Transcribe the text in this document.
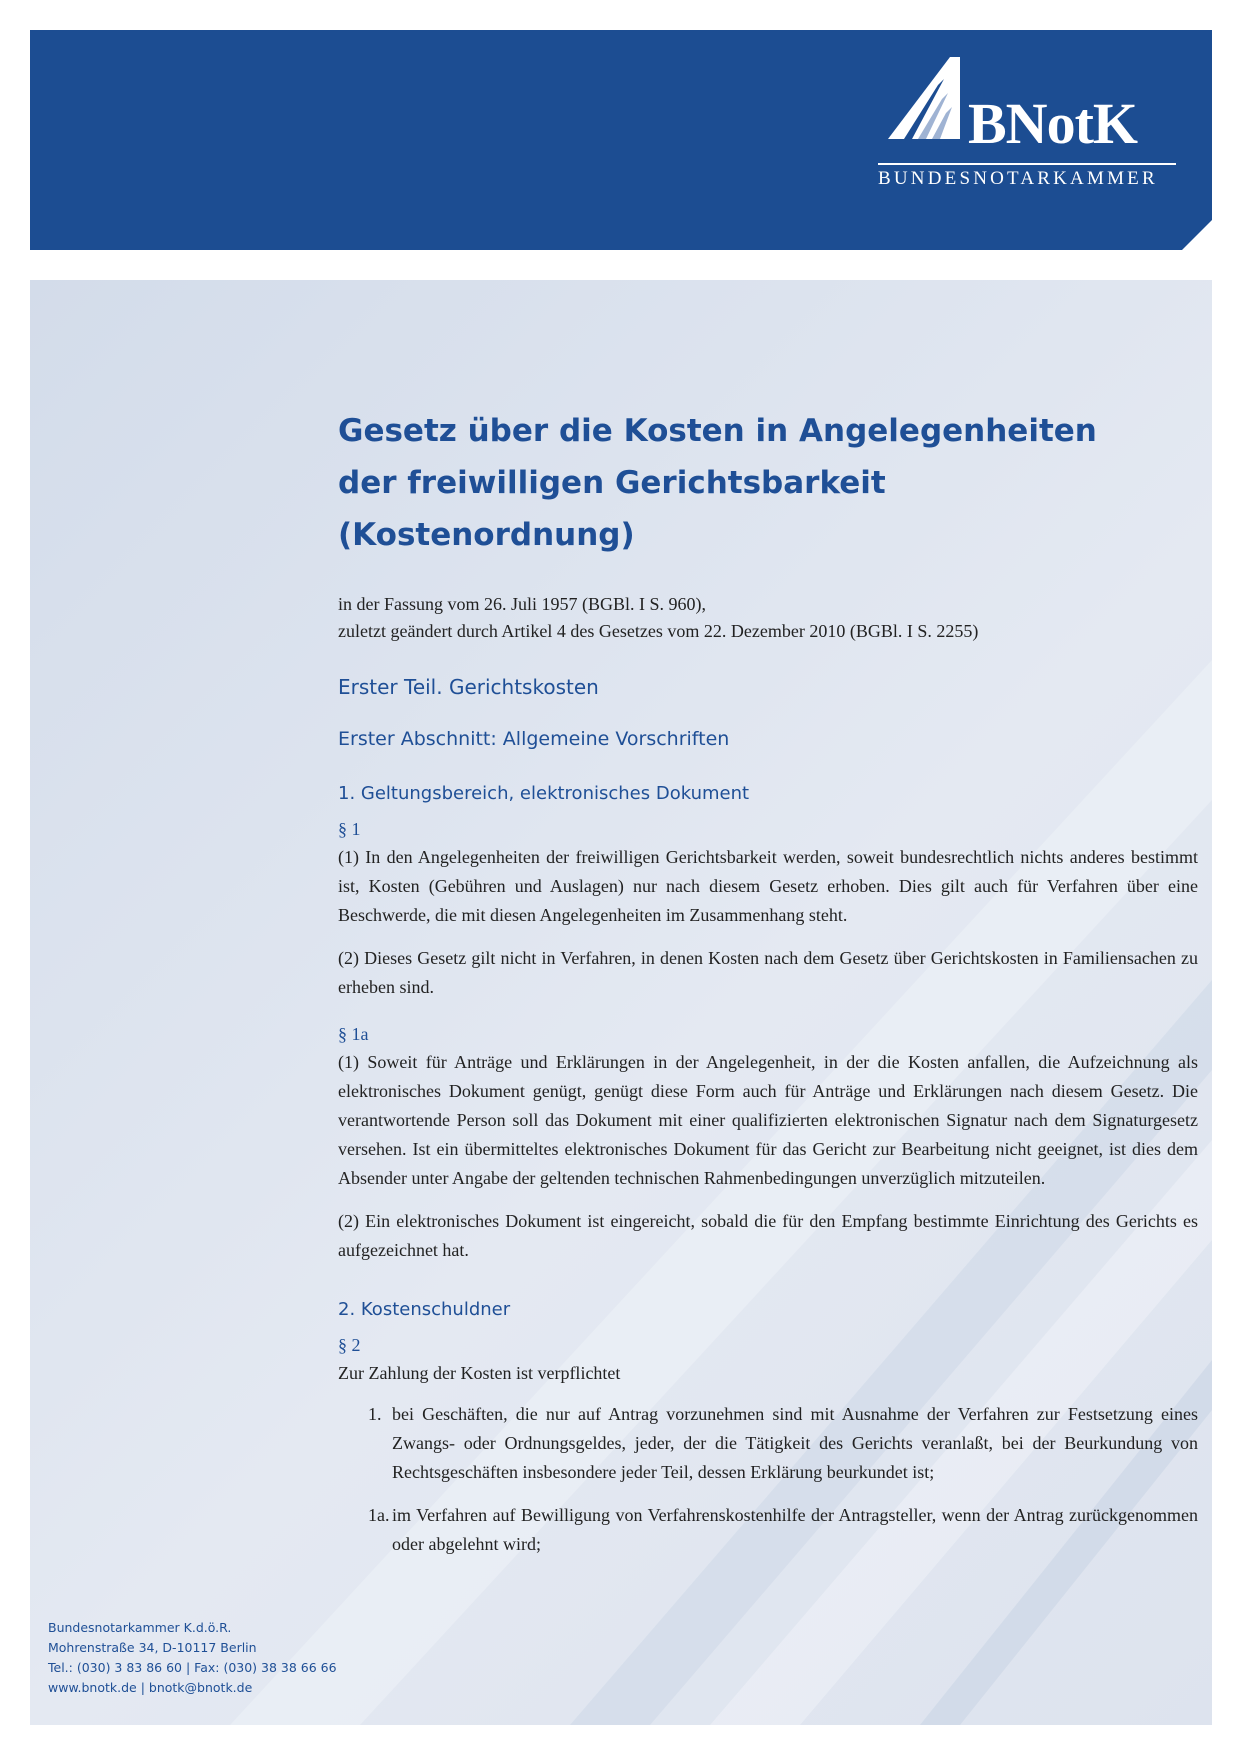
BNotK
BUNDESNOTARKAMMER
Gesetz über die Kosten in Angelegenheiten
der freiwilligen Gerichtsbarkeit
(Kostenordnung)
in der Fassung vom 26. Juli 1957 (BGBl. I S. 960),
zuletzt geändert durch Artikel 4 des Gesetzes vom 22. Dezember 2010 (BGBl. I S. 2255)
Erster Teil. Gerichtskosten
Erster Abschnitt: Allgemeine Vorschriften
1. Geltungsbereich, elektronisches Dokument
§ 1

(1) In den Angelegenheiten der freiwilligen Gerichtsbarkeit werden, soweit bundesrechtlich nichts anderes bestimmt ist, Kosten (Gebühren und Auslagen) nur nach diesem Gesetz erhoben. Dies gilt auch für Verfahren über eine Beschwerde, die mit diesen Angelegenheiten im Zusammenhang steht.

(2) Dieses Gesetz gilt nicht in Verfahren, in denen Kosten nach dem Gesetz über Gerichtskosten in Familiensachen zu erheben sind.

§ 1a

(1) Soweit für Anträge und Erklärungen in der Angelegenheit, in der die Kosten anfallen, die Aufzeichnung als elektronisches Dokument genügt, genügt diese Form auch für Anträge und Erklärungen nach diesem Gesetz. Die verantwortende Person soll das Dokument mit einer qualifizierten elektronischen Signatur nach dem Signaturgesetz versehen. Ist ein übermitteltes elektronisches Dokument für das Gericht zur Bearbeitung nicht geeignet, ist dies dem Absender unter Angabe der geltenden technischen Rahmenbedingungen unverzüglich mitzuteilen.

(2) Ein elektronisches Dokument ist eingereicht, sobald die für den Empfang bestimmte Einrichtung des Gerichts es aufgezeichnet hat.

2. Kostenschuldner
§ 2

Zur Zahlung der Kosten ist verpflichtet

1. bei Geschäften, die nur auf Antrag vorzunehmen sind mit Ausnahme der Verfahren zur Festsetzung eines Zwangs- oder Ordnungsgeldes, jeder, der die Tätigkeit des Gerichts veranlaßt, bei der Beurkundung von Rechtsgeschäften insbesondere jeder Teil, dessen Erklärung beurkundet ist;
1a. im Verfahren auf Bewilligung von Verfahrenskostenhilfe der Antragsteller, wenn der Antrag zurückgenommen oder abgelehnt wird;
Bundesnotarkammer K.d.ö.R.
Mohrenstraße 34, D-10117 Berlin
Tel.: (030) 3 83 86 60 | Fax: (030) 38 38 66 66
www.bnotk.de | bnotk@bnotk.de
